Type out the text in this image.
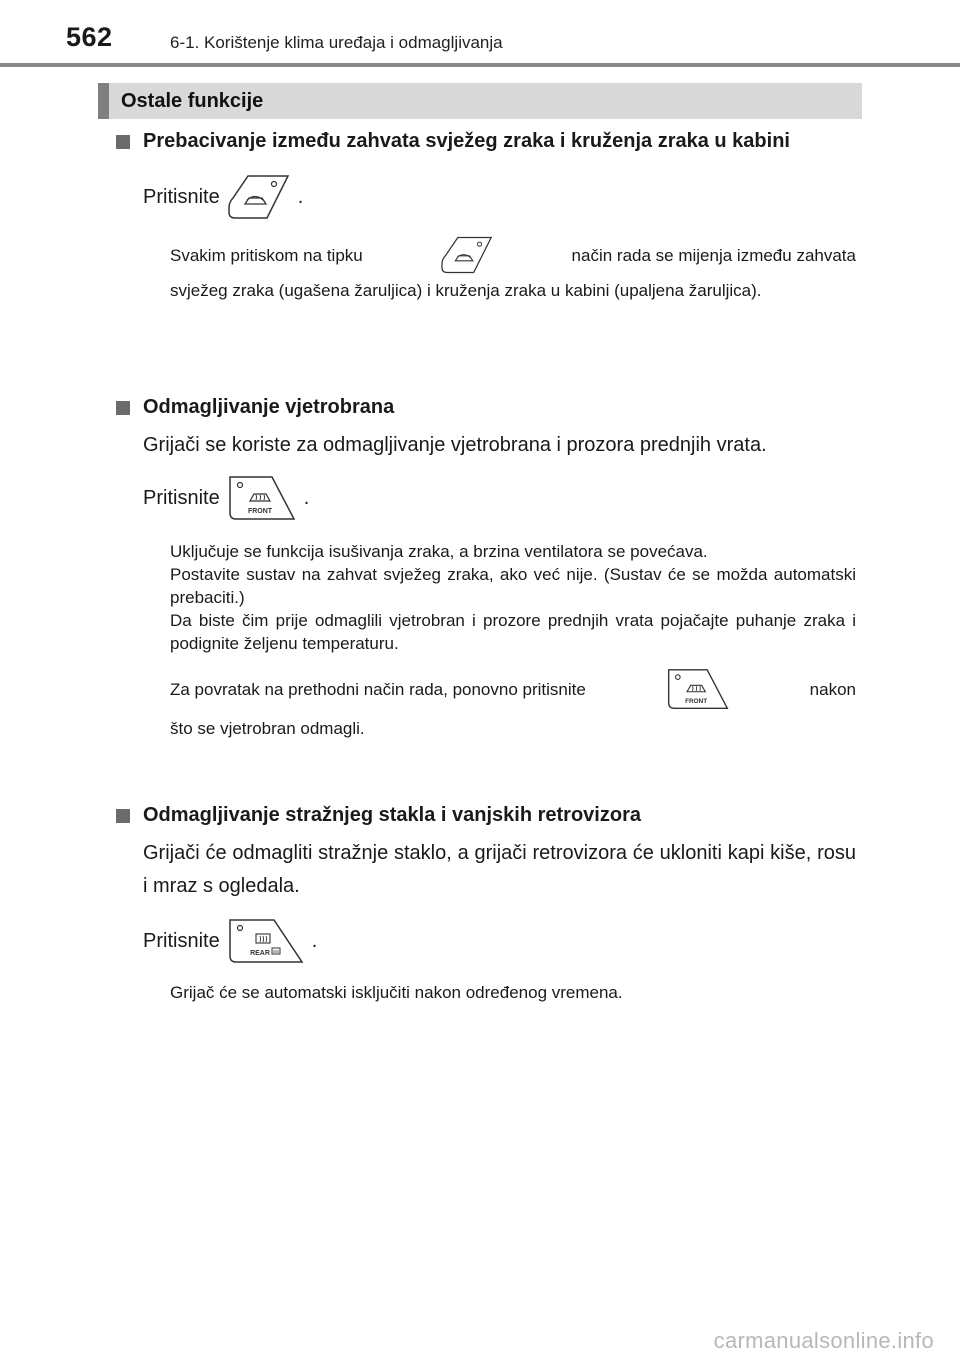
562	6-1. Korištenje klima uređaja i odmagljivanja
Ostale funkcije
Prebacivanje između zahvata svježeg zraka i kruženja zraka u kabini
Pritisnite	.
Svakim pritiskom na tipku	način rada se mijenja između zahvata
svježeg zraka (ugašena žaruljica) i kruženja zraka u kabini (upaljena žaruljica).
Odmagljivanje vjetrobrana
Grijači se koriste za odmagljivanje vjetrobrana i prozora prednjih vrata.
Pritisnite
FRONT
.
Uključuje se funkcija isušivanja zraka, a brzina ventilatora se povećava.
Postavite sustav na zahvat svježeg zraka, ako već nije. (Sustav će se možda automatski prebaciti.)
Da biste čim prije odmaglili vjetrobran i prozore prednjih vrata pojačajte puhanje zraka i podignite željenu temperaturu.
Za povratak na prethodni način rada, ponovno pritisnite
FRONT
nakon
što se vjetrobran odmagli.
Odmagljivanje stražnjeg stakla i vanjskih retrovizora
Grijači će odmagliti stražnje staklo, a grijači retrovizora će ukloniti kapi kiše, rosu i mraz s ogledala.
Pritisnite
REAR
.
Grijač će se automatski isključiti nakon određenog vremena.
carmanualsonline.info
